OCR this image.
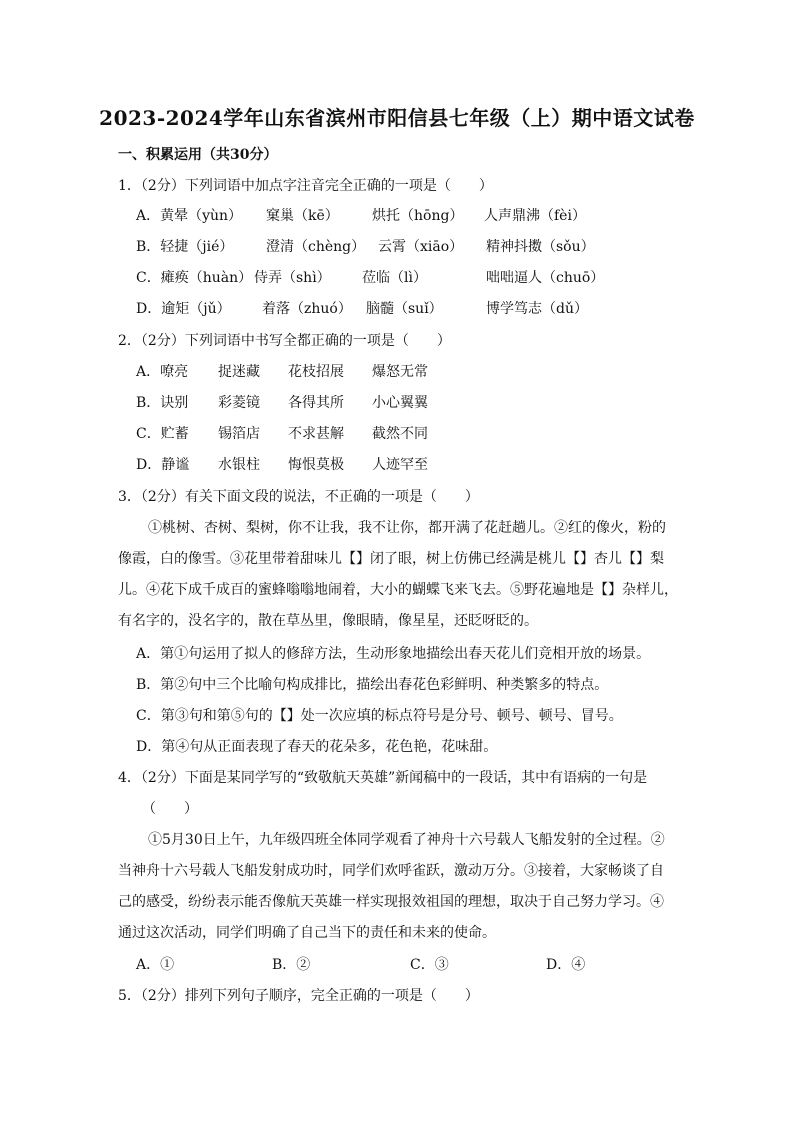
2023-2024学年山东省滨州市阳信县七年级（上）期中语文试卷
一、积累运用（共30分）
1．（2分）下列词语中加点字注音完全正确的一项是（　　）
A．黄晕（yùn） 窠巢（kē） 烘托（hōng） 人声鼎沸（fèi）
B．轻捷（jié） 澄清（chèng） 云霄（xiāo） 精神抖擞（sǒu）
C．瘫痪（huàn） 侍弄（shì） 莅临（lì）	咄咄逼人（chuō）
D．逾矩（jǔ） 着落（zhuó） 脑髓（suǐ）	博学笃志（dǔ）
2．（2分）下列词语中书写全都正确的一项是（　　）
A．嘹亮 捉迷藏 花枝招展 爆怒无常
B．诀别 彩菱镜 各得其所 小心翼翼
C．贮蓄 锡箔店 不求甚解 截然不同
D．静谧 水银柱 悔恨莫极 人迹罕至
3．（2分）有关下面文段的说法，不正确的一项是（　　）
①桃树、杏树、梨树，你不让我，我不让你，都开满了花赶趟儿。②红的像火，粉的
像霞，白的像雪。③花里带着甜味儿【】闭了眼，树上仿佛已经满是桃儿【】杏儿【】梨
儿。④花下成千成百的蜜蜂嗡嗡地闹着，大小的蝴蝶飞来飞去。⑤野花遍地是【】杂样儿，
有名字的，没名字的，散在草丛里，像眼睛，像星星，还眨呀眨的。
A．第①句运用了拟人的修辞方法，生动形象地描绘出春天花儿们竞相开放的场景。
B．第②句中三个比喻句构成排比，描绘出春花色彩鲜明、种类繁多的特点。
C．第③句和第⑤句的【】处一次应填的标点符号是分号、顿号、顿号、冒号。
D．第④句从正面表现了春天的花朵多，花色艳，花味甜。
4．（2分）下面是某同学写的“致敬航天英雄”新闻稿中的一段话，其中有语病的一句是
（　　）
①5月30日上午，九年级四班全体同学观看了神舟十六号载人飞船发射的全过程。②
当神舟十六号载人飞船发射成功时，同学们欢呼雀跃，激动万分。③接着，大家畅谈了自
己的感受，纷纷表示能否像航天英雄一样实现报效祖国的理想，取决于自己努力学习。④
通过这次活动，同学们明确了自己当下的责任和未来的使命。
A．①	B．②	C．③	D．④
5．（2分）排列下列句子顺序，完全正确的一项是（　　）
